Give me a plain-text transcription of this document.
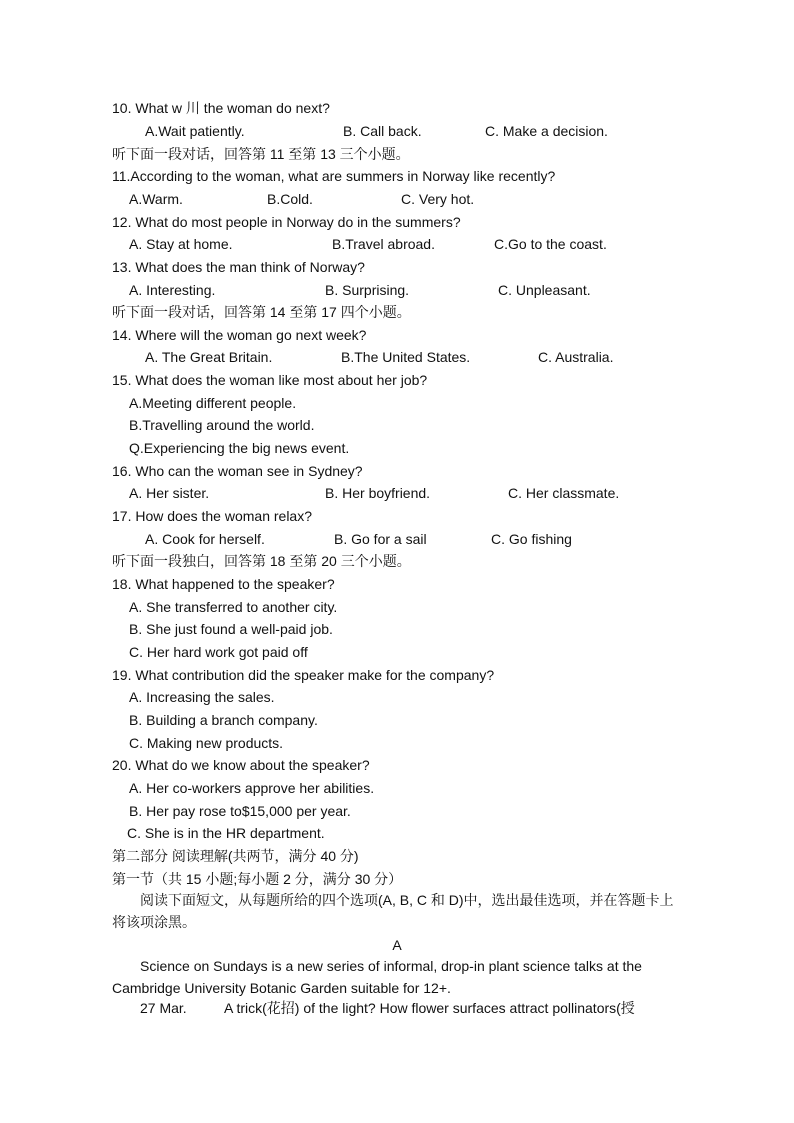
10. What w 川 the woman do next?
A.Wait patiently.	B. Call back.	C. Make a decision.
听下面一段对话，回答第 11 至第 13 三个小题。
11.According to the woman, what are summers in Norway like recently?
A.Warm.	B.Cold.	C. Very hot.
12. What do most people in Norway do in the summers?
A. Stay at home.	B.Travel abroad.	C.Go to the coast.
13. What does the man think of Norway?
A. Interesting.	B. Surprising.	C. Unpleasant.
听下面一段对话，回答第 14 至第 17 四个小题。
14. Where will the woman go next week?
A. The Great Britain.	B.The United States.	C. Australia.
15. What does the woman like most about her job?
A.Meeting different people.
B.Travelling around the world.
Q.Experiencing the big news event.
16. Who can the woman see in Sydney?
A. Her sister.	B. Her boyfriend.	C. Her classmate.
17. How does the woman relax?
A. Cook for herself.	B. Go for a sail	C. Go fishing
听下面一段独白，回答第 18 至第 20 三个小题。
18. What happened to the speaker?
A. She transferred to another city.
B. She just found a well-paid job.
C. Her hard work got paid off
19. What contribution did the speaker make for the company?
A. Increasing the sales.
B. Building a branch company.
C. Making new products.
20. What do we know about the speaker?
A. Her co-workers approve her abilities.
B. Her pay rose to$15,000 per year.
C. She is in the HR department.
第二部分 阅读理解(共两节，满分 40 分)
第一节（共 15 小题;每小题 2 分，满分 30 分）
阅读下面短文，从每题所给的四个选项(A, B, C 和 D)中，选出最佳选项，并在答题卡上将该项涂黑。
A
Science on Sundays is a new series of informal, drop-in plant science talks at the Cambridge University Botanic Garden suitable for 12+.
27 Mar.	A trick(花招) of the light? How flower surfaces attract pollinators(授
